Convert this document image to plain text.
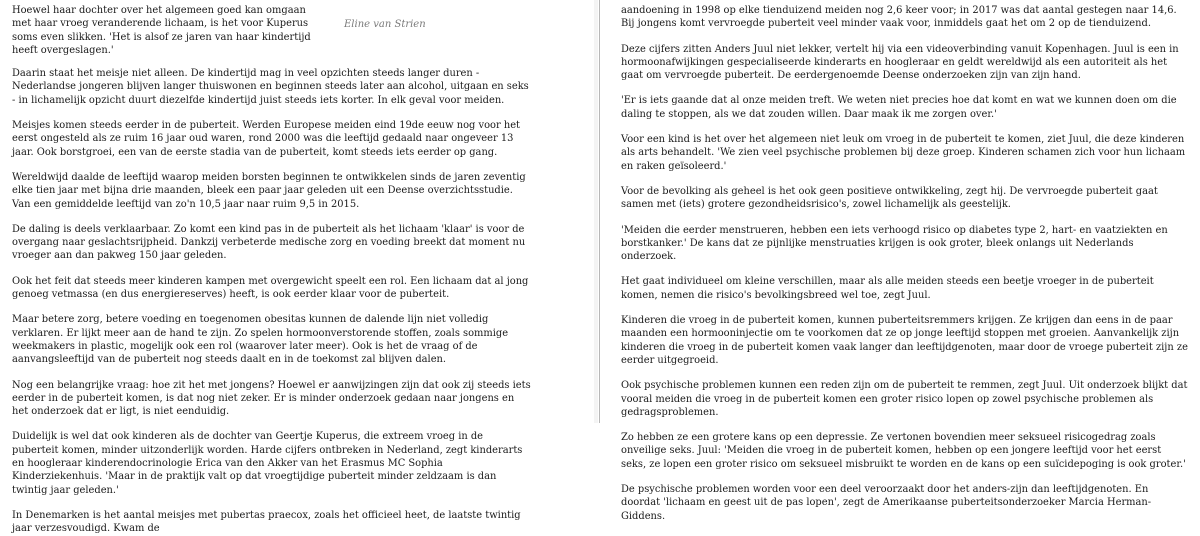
Hoewel haar dochter over het algemeen goed kan omgaan met haar vroeg veranderende lichaam, is het voor Kuperus soms even slikken. 'Het is alsof ze jaren van haar kindertijd heeft overgeslagen.'

Eline van Strien

Daarin staat het meisje niet alleen. De kindertijd mag in veel opzichten steeds langer duren - Nederlandse jongeren blijven langer thuiswonen en beginnen steeds later aan alcohol, uitgaan en seks - in lichamelijk opzicht duurt diezelfde kindertijd juist steeds iets korter. In elk geval voor meiden.

Meisjes komen steeds eerder in de puberteit. Werden Europese meiden eind 19de eeuw nog voor het eerst ongesteld als ze ruim 16 jaar oud waren, rond 2000 was die leeftijd gedaald naar ongeveer 13 jaar. Ook borstgroei, een van de eerste stadia van de puberteit, komt steeds iets eerder op gang.

Wereldwijd daalde de leeftijd waarop meiden borsten beginnen te ontwikkelen sinds de jaren zeventig elke tien jaar met bijna drie maanden, bleek een paar jaar geleden uit een Deense overzichtsstudie. Van een gemiddelde leeftijd van zo'n 10,5 jaar naar ruim 9,5 in 2015.

De daling is deels verklaarbaar. Zo komt een kind pas in de puberteit als het lichaam 'klaar' is voor de overgang naar geslachtsrijpheid. Dankzij verbeterde medische zorg en voeding breekt dat moment nu vroeger aan dan pakweg 150 jaar geleden.

Ook het feit dat steeds meer kinderen kampen met overgewicht speelt een rol. Een lichaam dat al jong genoeg vetmassa (en dus energiereserves) heeft, is ook eerder klaar voor de puberteit.

Maar betere zorg, betere voeding en toegenomen obesitas kunnen de dalende lijn niet volledig verklaren. Er lijkt meer aan de hand te zijn. Zo spelen hormoonverstorende stoffen, zoals sommige weekmakers in plastic, mogelijk ook een rol (waarover later meer). Ook is het de vraag of de aanvangsleeftijd van de puberteit nog steeds daalt en in de toekomst zal blijven dalen.

Nog een belangrijke vraag: hoe zit het met jongens? Hoewel er aanwijzingen zijn dat ook zij steeds iets eerder in de puberteit komen, is dat nog niet zeker. Er is minder onderzoek gedaan naar jongens en het onderzoek dat er ligt, is niet eenduidig.

Duidelijk is wel dat ook kinderen als de dochter van Geertje Kuperus, die extreem vroeg in de puberteit komen, minder uitzonderlijk worden. Harde cijfers ontbreken in Nederland, zegt kinderarts en hoogleraar kinderendocrinologie Erica van den Akker van het Erasmus MC Sophia Kinderziekenhuis. 'Maar in de praktijk valt op dat vroegtijdige puberteit minder zeldzaam is dan twintig jaar geleden.'

In Denemarken is het aantal meisjes met pubertas praecox, zoals het officieel heet, de laatste twintig jaar verzesvoudigd. Kwam de

aandoening in 1998 op elke tienduizend meiden nog 2,6 keer voor; in 2017 was dat aantal gestegen naar 14,6. Bij jongens komt vervroegde puberteit veel minder vaak voor, inmiddels gaat het om 2 op de tienduizend.

Deze cijfers zitten Anders Juul niet lekker, vertelt hij via een videoverbinding vanuit Kopenhagen. Juul is een in hormoonafwijkingen gespecialiseerde kinderarts en hoogleraar en geldt wereldwijd als een autoriteit als het gaat om vervroegde puberteit. De eerdergenoemde Deense onderzoeken zijn van zijn hand.

'Er is iets gaande dat al onze meiden treft. We weten niet precies hoe dat komt en wat we kunnen doen om die daling te stoppen, als we dat zouden willen. Daar maak ik me zorgen over.'

Voor een kind is het over het algemeen niet leuk om vroeg in de puberteit te komen, ziet Juul, die deze kinderen als arts behandelt. 'We zien veel psychische problemen bij deze groep. Kinderen schamen zich voor hun lichaam en raken geïsoleerd.'

Voor de bevolking als geheel is het ook geen positieve ontwikkeling, zegt hij. De vervroegde puberteit gaat samen met (iets) grotere gezondheidsrisico's, zowel lichamelijk als geestelijk.

'Meiden die eerder menstrueren, hebben een iets verhoogd risico op diabetes type 2, hart- en vaatziekten en borstkanker.' De kans dat ze pijnlijke menstruaties krijgen is ook groter, bleek onlangs uit Nederlands onderzoek.

Het gaat individueel om kleine verschillen, maar als alle meiden steeds een beetje vroeger in de puberteit komen, nemen die risico's bevolkingsbreed wel toe, zegt Juul.

Kinderen die vroeg in de puberteit komen, kunnen puberteitsremmers krijgen. Ze krijgen dan eens in de paar maanden een hormooninjectie om te voorkomen dat ze op jonge leeftijd stoppen met groeien. Aanvankelijk zijn kinderen die vroeg in de puberteit komen vaak langer dan leeftijdgenoten, maar door de vroege puberteit zijn ze eerder uitgegroeid.

Ook psychische problemen kunnen een reden zijn om de puberteit te remmen, zegt Juul. Uit onderzoek blijkt dat vooral meiden die vroeg in de puberteit komen een groter risico lopen op zowel psychische problemen als gedragsproblemen.

Zo hebben ze een grotere kans op een depressie. Ze vertonen bovendien meer seksueel risicogedrag zoals onveilige seks. Juul: 'Meiden die vroeg in de puberteit komen, hebben op een jongere leeftijd voor het eerst seks, ze lopen een groter risico om seksueel misbruikt te worden en de kans op een suïcidepoging is ook groter.'

De psychische problemen worden voor een deel veroorzaakt door het anders-zijn dan leeftijdgenoten. En doordat 'lichaam en geest uit de pas lopen', zegt de Amerikaanse puberteitsonderzoeker Marcia Herman-Giddens.
